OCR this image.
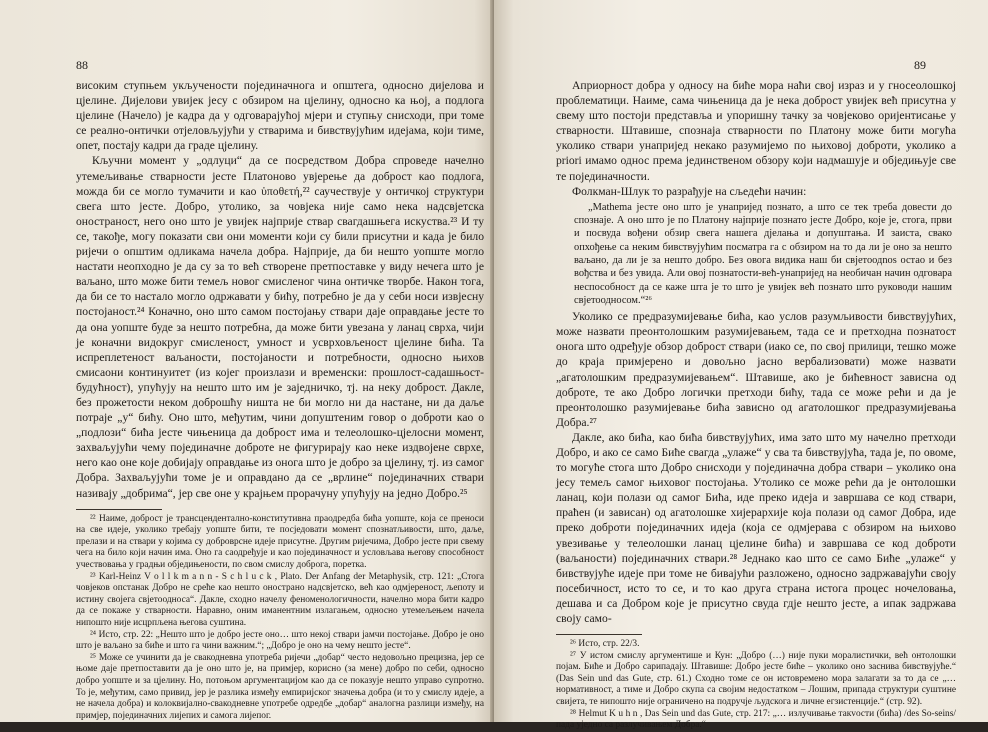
88

високим ступњем укључености појединачнога и општега, односно дијелова и цјелине. Дијелови увијек јесу с обзиром на цјелину, односно ка њој, а подлога цјелине (Начело) је кадра да у одговарајућој мјери и ступњу снисходи, при томе се реално-онтички отјеловљујући у стварима и бивствујућим идејама, који тиме, опет, постају кадри да граде цјелину.

Кључни момент у „одлуци“ да се посредством Добра спроведе начелно утемељивање стварности јесте Платоново увјерење да доброст као подлога, можда би се могло тумачити и као ὑποθετή,²² саучествује у онтичкој структури свега што јесте. Добро, утолико, за човјека није само нека надсвјетска оностраност, него оно што је увијек најприје ствар свагдашњега искуства.²³ И ту се, такође, могу показати сви они моменти који су били присутни и када је било ријечи о општим одликама начела добра. Најприје, да би нешто уопште могло настати неопходно је да су за то већ створене претпоставке у виду нечега што је ваљано, што може бити темељ новог смисленог чина онтичке творбе. Након тога, да би се то настало могло одржавати у бићу, потребно је да у себи носи извјесну постојаност.²⁴ Коначно, оно што самом постојању ствари даје оправдање јесте то да она уопште буде за нешто потребна, да може бити увезана у ланац сврха, чији је коначни видокруг смисленост, умност и усврховљеност цјелине бића. Та испреплетеност ваљаности, постојаности и потребности, односно њихов смисаони континуитет (из којег произлази и временски: прошлост-садашњост-будућност), упућују на нешто што им је заједничко, тј. на неку доброст. Дакле, без прожетости неком доброшћу ништа не би могло ни да настане, ни да даље потраје „у“ бићу. Оно што, међутим, чини допуштеним говор о доброти као о „подлози“ бића јесте чињеница да доброст има и телеолошко-цјелосни момент, захваљујући чему појединачне доброте не фигурирају као неке издвојене сврхе, него као оне које добијају оправдање из онога што је добро за цјелину, тј. из самог Добра. Захваљујући томе је и оправдано да се „врлине“ појединачних ствари називају „добрима“, јер све оне у крајњем прорачуну упућују на једно Добро.²⁵

²² Наиме, доброст је трансцендентално-конститутивна праодредба бића уопште, која се преноси на све идеје, уколико требају уопште бити, те посједовати момент спознатљивости, што, даље, прелази и на ствари у којима су доброврсне идеје присутне. Другим ријечима, Добро јесте при свему чега на било који начин има. Оно га саодређује и као појединачност и условљава његову способност учествовања у градњи обједињености, по свом смислу доброга, поретка.

²³ Karl-Heinz V o l l k m a n n - S c h l u c k , Plato. Der Anfang der Metaphysik, стр. 121: „Стога човјеков опстанак Добро не срећe као нешто онострано надсвјетско, већ као одмјереност, љепоту и истину својега свјетоодноса“. Дакле, сходно начелу феноменологичности, начелно мора бити кадро да се покаже у стварности. Наравно, оним иманентним излагањем, односно утемељењем начела нипошто није исцрпљена његова суштина.

²⁴ Исто, стр. 22: „Нешто што је добро јесте оно… што некој ствари јамчи постојање. Добро је оно што је ваљано за биће и што га чини важним.“; „Добро је оно на чему нешто јесте“.

²⁵ Може се учинити да је свакодневна употреба ријечи „добар“ често недовољно прецизна, јер се њоме даје претпоставити да је оно што је, на примјер, корисно (за мене) добро по себи, односно добро уопште и за цјелину. Но, потоњом аргументацијом као да се показује нешто управо супротно. То је, међутим, само привид, јер је разлика између емпиријског значења добра (и то у смислу идеје, а не начела добра) и колоквијално-свакодневне употребе одредбе „добар“ аналогна разлици између, на примјер, појединачних лијепих и самога лијепог.

89

Априорност добра у односу на биће мора наћи свој израз и у гносеолошкој проблематици. Наиме, сама чињеница да је нека доброст увијек већ присутна у свему што постоји представља и упоришну тачку за човјеково оријентисање у стварности. Штавише, спознаја стварности по Платону може бити могућа уколико ствари унапријед некако разумијемо по њиховој доброти, уколико a priori имамо однос према јединственом обзору који надмашује и обједињује све те појединачности.

Фолкман-Шлук то разрађује на сљедећи начин:

„Mathema јесте оно што је унапријед познато, а што се тек треба довести до спознаје. А оно што је по Платону најприје познато јесте Добро, које је, стога, први и посвуда вођени обзир свега нашега дјелања и допуштања. И заиста, свако опхођење са неким бивствујућим посматра га с обзиром на то да ли је оно за нешто ваљано, да ли је за нешто добро. Без овога видика наш би свјетоодnos остао и без вођства и без увида. Али овој познатости-већ-унапријед на необичан начин одговара неспособност да се каже шта је то што је увијек већ познато што руководи нашим свјетоодносом.“²⁶

Уколико се предразумијевање бића, као услов разумљивости бивствујућих, може назвати преонтолошким разумијевањем, тада се и претходна познатост онога што одређује обзор доброст ствари (иако се, по свој прилици, тешко може до краја примјерено и довољно јасно вербализовати) може назвати „агатолошким предразумијевањем“. Штавише, ако је бићевност зависна од доброте, те ако Добро логички претходи бићу, тада се може рећи и да је преонтолошко разумијевање бића зависно од агатолошког предразумијевања Добра.²⁷

Дакле, ако бића, као бића бивствујућих, има зато што му начелно претходи Добро, и ако се само Биће свагда „улаже“ у сва та бивствујућа, тада је, по овоме, то могуће стога што Добро снисходи у појединачна добра ствари – уколико она јесу темељ самог њиховог постојања. Утолико се може рећи да је онтолошки ланац, који полази од самог Бића, иде преко идеја и завршава се код ствари, праћен (и зависан) од агатолошке хијерархије која полази од самог Добра, иде преко доброти појединачних идеја (која се одмјерава с обзиром на њихово увезивање у телеолошки ланац цјелине бића) и завршава се код доброти (ваљаности) појединачних ствари.²⁸ Једнако као што се само Биће „улаже“ у бивствујуће идеје при томе не бивајући разложено, односно задржавајући своју посебичност, исто то се, и то као друга страна истога процес ночеловања, дешава и са Добром које је присутно свуда гдје нешто јесте, а ипак задржава своју само-

²⁶ Исто, стр. 22/3.

²⁷ У истом смислу аргументише и Кун: „Добро (…) није пуки моралистички, већ онтолошки појам. Биће и Добро сарипадају. Штавише: Добро јесте биће – уколико оно заснива бивствујуће.“ (Das Sein und das Gute, стр. 61.) Сходно томе се он истовремено мора залагати за то да се „… нормативност, а тиме и Добро скупа са својим недостатком – Лошим, припада структури суштине свијета, те нипошто није ограничено на подручје људскога и личне егзистенције.“ (стр. 92).

²⁸ Helmut K u h n , Das Sein und das Gute, стр. 217: „… излучивање такvости (бића) /des So-seins/ пада уједно са разлучивањем Добра.“
